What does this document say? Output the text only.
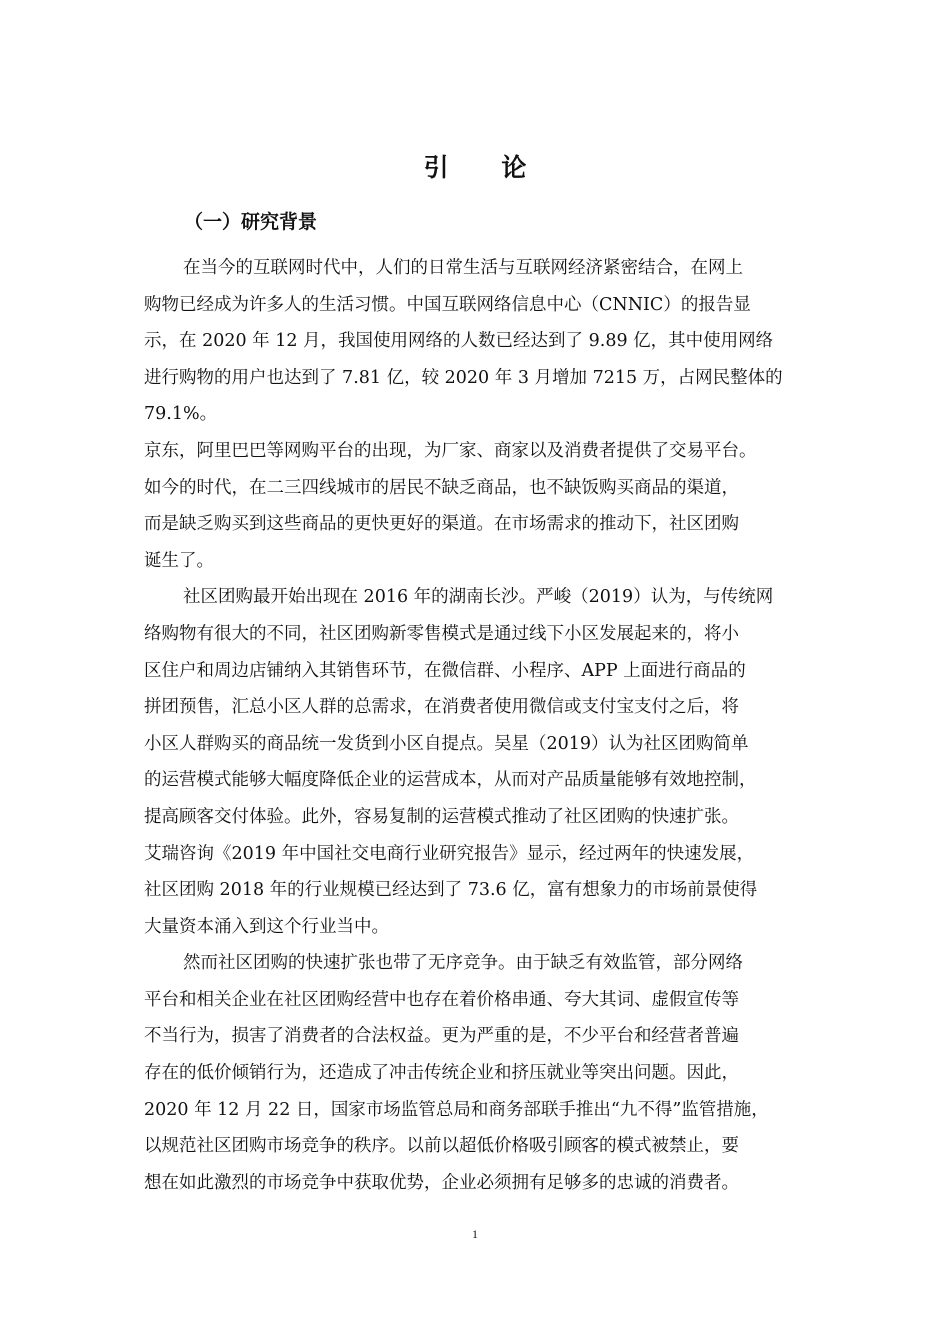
引 论
（一）研究背景

在当今的互联网时代中，人们的日常生活与互联网经济紧密结合，在网上

购物已经成为许多人的生活习惯。中国互联网络信息中心（CNNIC）的报告显

示，在 2020 年 12 月，我国使用网络的人数已经达到了 9.89 亿，其中使用网络

进行购物的用户也达到了 7.81 亿，较 2020 年 3 月增加 7215 万，占网民整体的

79.1%。

京东，阿里巴巴等网购平台的出现，为厂家、商家以及消费者提供了交易平台。

如今的时代，在二三四线城市的居民不缺乏商品，也不缺饭购买商品的渠道，

而是缺乏购买到这些商品的更快更好的渠道。在市场需求的推动下，社区团购

诞生了。

社区团购最开始出现在 2016 年的湖南长沙。严峻（2019）认为，与传统网

络购物有很大的不同，社区团购新零售模式是通过线下小区发展起来的，将小

区住户和周边店铺纳入其销售环节，在微信群、小程序、APP 上面进行商品的

拼团预售，汇总小区人群的总需求，在消费者使用微信或支付宝支付之后，将

小区人群购买的商品统一发货到小区自提点。吴星（2019）认为社区团购简单

的运营模式能够大幅度降低企业的运营成本，从而对产品质量能够有效地控制，

提高顾客交付体验。此外，容易复制的运营模式推动了社区团购的快速扩张。

艾瑞咨询《2019 年中国社交电商行业研究报告》显示，经过两年的快速发展，

社区团购 2018 年的行业规模已经达到了 73.6 亿，富有想象力的市场前景使得

大量资本涌入到这个行业当中。

然而社区团购的快速扩张也带了无序竞争。由于缺乏有效监管，部分网络

平台和相关企业在社区团购经营中也存在着价格串通、夸大其词、虚假宣传等

不当行为，损害了消费者的合法权益。更为严重的是，不少平台和经营者普遍

存在的低价倾销行为，还造成了冲击传统企业和挤压就业等突出问题。因此，

2020 年 12 月 22 日，国家市场监管总局和商务部联手推出“九不得”监管措施，

以规范社区团购市场竞争的秩序。以前以超低价格吸引顾客的模式被禁止，要

想在如此激烈的市场竞争中获取优势，企业必须拥有足够多的忠诚的消费者。

1
